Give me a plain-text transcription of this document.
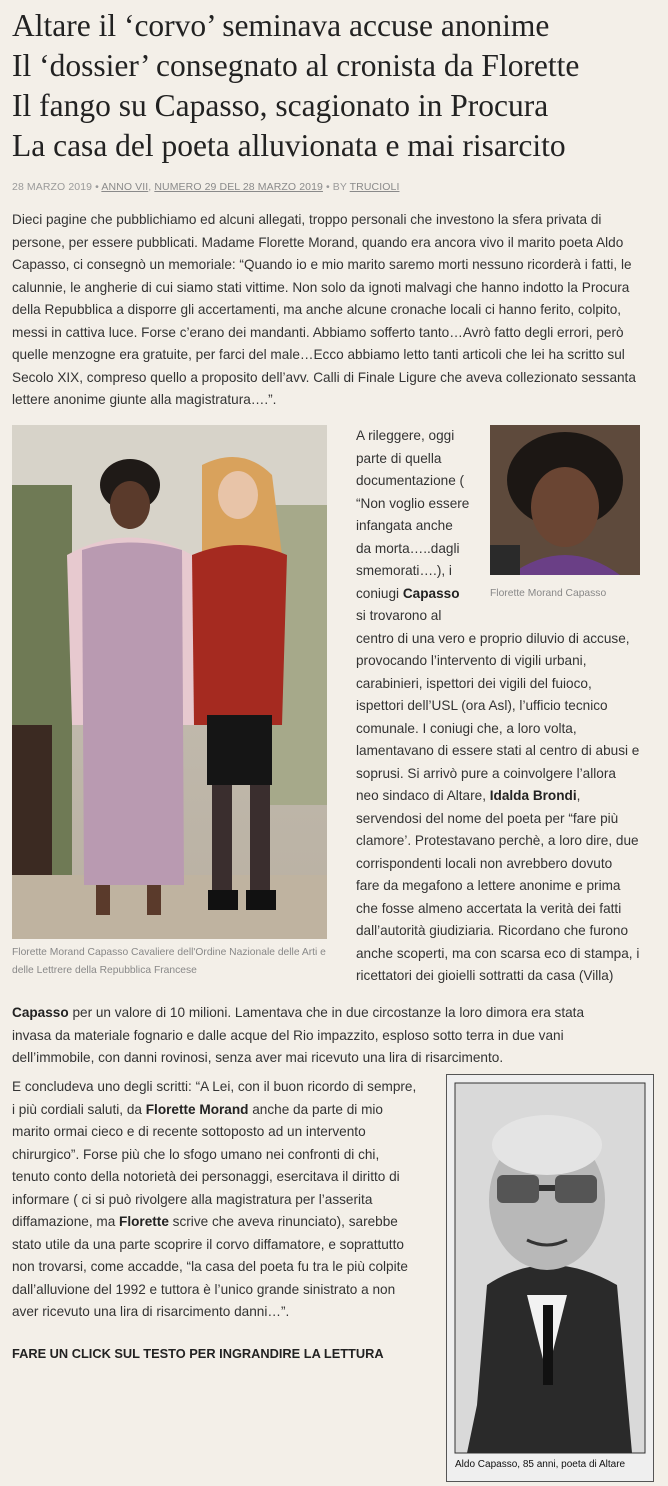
Altare il ‘corvo’ seminava accuse anonime
Il ‘dossier’ consegnato al cronista da Florette
Il fango su Capasso, scagionato in Procura
La casa del poeta alluvionata e mai risarcito
28 MARZO 2019 • ANNO VII, NUMERO 29 DEL 28 MARZO 2019 • BY TRUCIOLI

Dieci pagine che pubblichiamo ed alcuni allegati, troppo personali che investono la sfera privata di persone, per essere pubblicati. Madame Florette Morand, quando era ancora vivo il marito poeta Aldo Capasso, ci consegnò un memoriale: “Quando io e mio marito saremo morti nessuno ricorderà i fatti, le calunnie, le angherie di cui siamo stati vittime. Non solo da ignoti malvagi che hanno indotto la Procura della Repubblica a disporre gli accertamenti, ma anche alcune cronache locali ci hanno ferito, colpito, messi in cattiva luce. Forse c’erano dei mandanti. Abbiamo sofferto tanto…Avrò fatto degli errori, però quelle menzogne era gratuite, per farci del male…Ecco abbiamo letto tanti articoli che lei ha scritto sul Secolo XIX, compreso quello a proposito dell’avv. Calli di Finale Ligure che aveva collezionato sessanta lettere anonime giunte alla magistratura….”.

Florette Morand Capasso Cavaliere dell'Ordine Nazionale delle Arti e delle Lettrere della Repubblica Francese
Florette Morand Capasso
A rileggere, oggi
parte di quella
documentazione (
“Non voglio essere
infangata anche
da morta…..dagli
smemorati….), i
coniugi Capasso
si trovarono al
centro di una vero e proprio diluvio di accuse,
provocando l’intervento di vigili urbani,
carabinieri, ispettori dei vigili del fuioco,
ispettori dell’USL (ora Asl), l’ufficio tecnico
comunale. I coniugi che, a loro volta,
lamentavano di essere stati al centro di abusi e
soprusi. Si arrivò pure a coinvolgere l’allora
neo sindaco di Altare, Idalda Brondi,
servendosi del nome del poeta per “fare più
clamore’. Protestavano perchè, a loro dire, due
corrispondenti locali non avrebbero dovuto
fare da megafono a lettere anonime e prima
che fosse almeno accertata la verità dei fatti
dall’autorità giudiziaria. Ricordano che furono
anche scoperti, ma con scarsa eco di stampa, i
ricettatori dei gioielli sottratti da casa (Villa)
Capasso per un valore di 10 milioni. Lamentava che in due circostanze la loro dimora era stata
invasa da materiale fognario e dalle acque del Rio impazzito, esploso sotto terra in due vani
dell’immobile, con danni rovinosi, senza aver mai ricevuto una lira di risarcimento.
E concludeva uno degli scritti: “A Lei, con il buon ricordo di sempre,
i più cordiali saluti, da Florette Morand anche da parte di mio
marito ormai cieco e di recente sottoposto ad un intervento
chirurgico”. Forse più che lo sfogo umano nei confronti di chi,
tenuto conto della notorietà dei personaggi, esercitava il diritto di
informare ( ci si può rivolgere alla magistratura per l’asserita
diffamazione, ma Florette scrive che aveva rinunciato), sarebbe
stato utile da una parte scoprire il corvo diffamatore, e soprattutto
non trovarsi, come accadde, “la casa del poeta fu tra le più colpite
dall’alluvione del 1992 e tuttora è l’unico grande sinistrato a non
aver ricevuto una lira di risarcimento danni…”.
FARE UN CLICK SUL TESTO PER INGRANDIRE LA LETTURA
Aldo Capasso, 85 anni, poeta di Altare
